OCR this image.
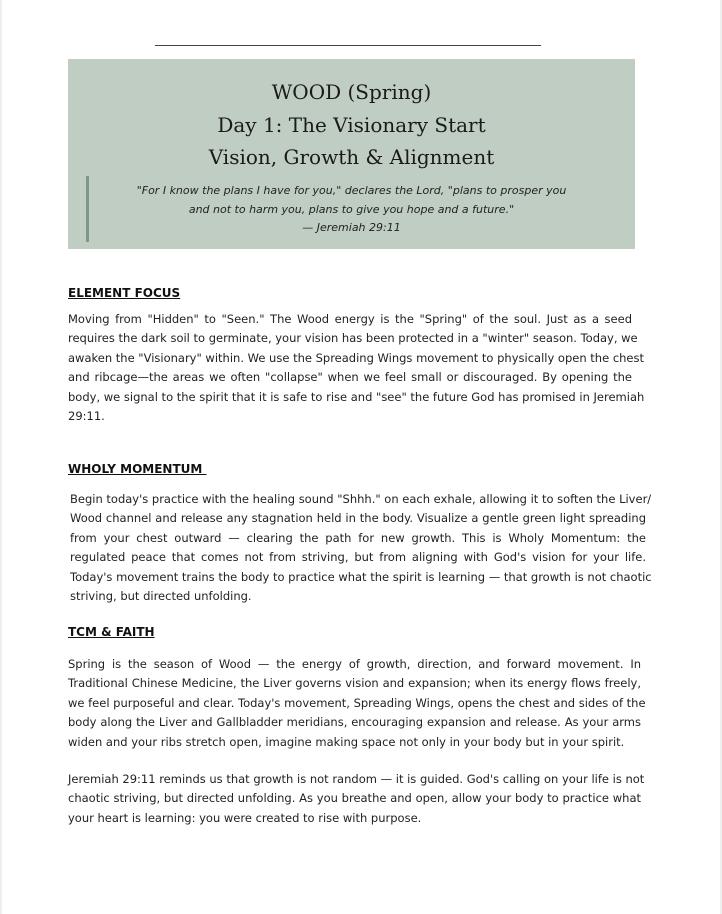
WOOD (Spring)
Day 1: The Visionary Start
Vision, Growth & Alignment
"For I know the plans I have for you," declares the Lord, "plans to prosper you
and not to harm you, plans to give you hope and a future."
— Jeremiah 29:11
ELEMENT FOCUS

Moving from "Hidden" to "Seen." The Wood energy is the "Spring" of the soul. Just as a seed
requires the dark soil to germinate, your vision has been protected in a "winter" season. Today, we
awaken the "Visionary" within. We use the Spreading Wings movement to physically open the chest
and ribcage—the areas we often "collapse" when we feel small or discouraged. By opening the
body, we signal to the spirit that it is safe to rise and "see" the future God has promised in Jeremiah
29:11.

WHOLY MOMENTUM

Begin today's practice with the healing sound "Shhh." on each exhale, allowing it to soften the Liver/
Wood channel and release any stagnation held in the body. Visualize a gentle green light spreading
from your chest outward — clearing the path for new growth. This is Wholy Momentum: the
regulated peace that comes not from striving, but from aligning with God's vision for your life.
Today's movement trains the body to practice what the spirit is learning — that growth is not chaotic
striving, but directed unfolding.

TCM & FAITH

Spring is the season of Wood — the energy of growth, direction, and forward movement. In
Traditional Chinese Medicine, the Liver governs vision and expansion; when its energy flows freely,
we feel purposeful and clear. Today's movement, Spreading Wings, opens the chest and sides of the
body along the Liver and Gallbladder meridians, encouraging expansion and release. As your arms
widen and your ribs stretch open, imagine making space not only in your body but in your spirit.

Jeremiah 29:11 reminds us that growth is not random — it is guided. God's calling on your life is not
chaotic striving, but directed unfolding. As you breathe and open, allow your body to practice what
your heart is learning: you were created to rise with purpose.
